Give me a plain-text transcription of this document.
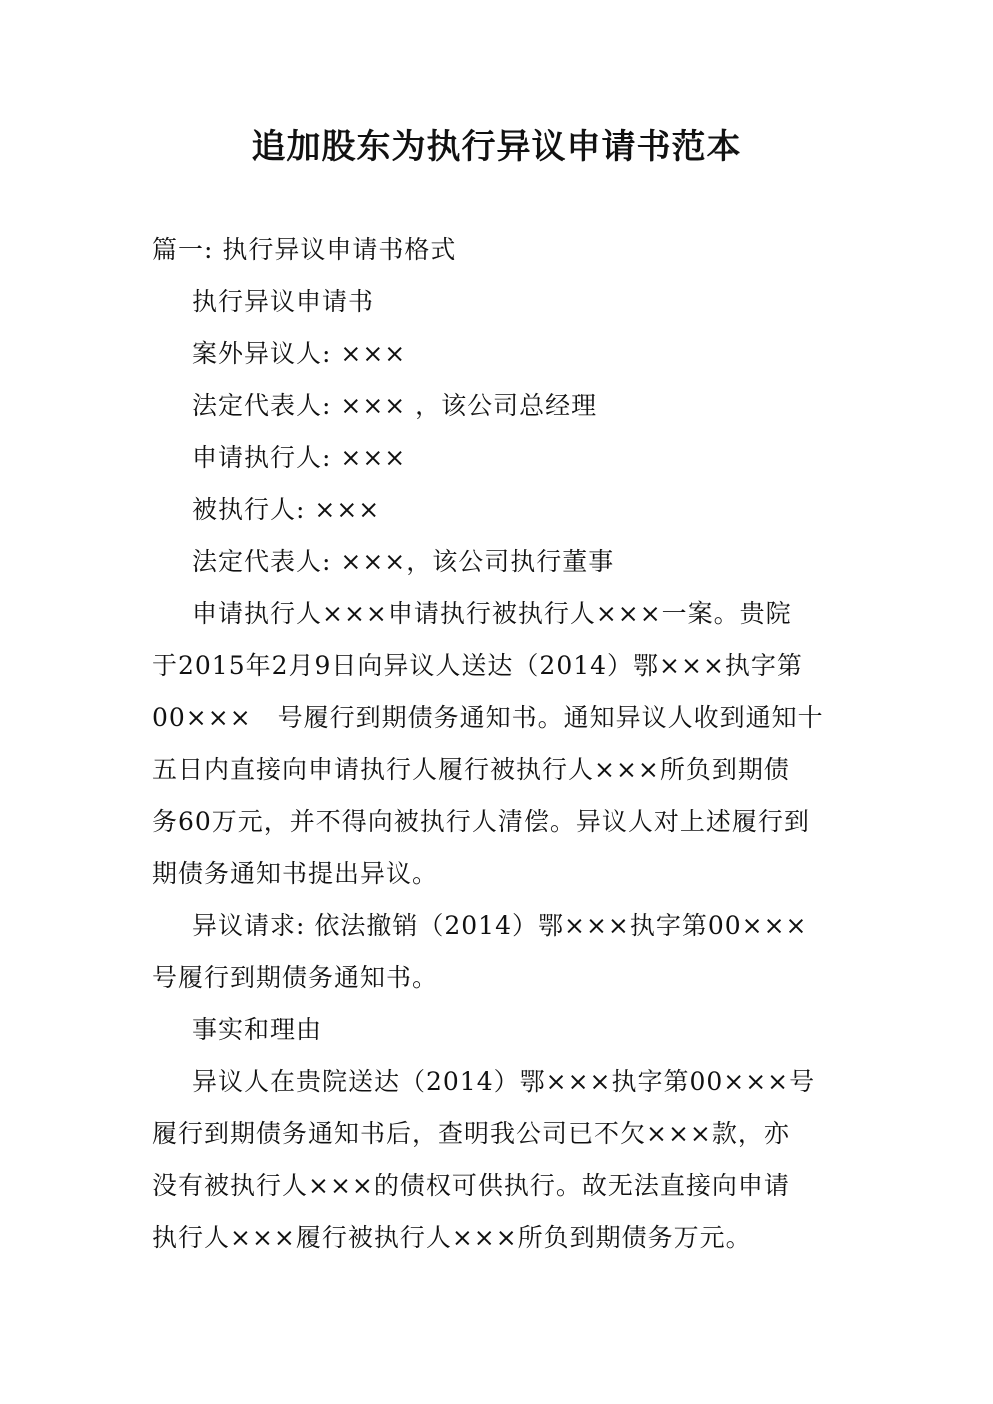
追加股东为执行异议申请书范本

篇一: 执行异议申请书格式

执行异议申请书

案外异议人: ×××

法定代表人: ××× ，该公司总经理

申请执行人: ×××

被执行人: ×××

法定代表人: ×××，该公司执行董事

申请执行人×××申请执行被执行人×××一案。贵院

于2015年2月9日向异议人送达（2014）鄂×××执字第

00×××　号履行到期债务通知书。通知异议人收到通知十

五日内直接向申请执行人履行被执行人×××所负到期债

务60万元，并不得向被执行人清偿。异议人对上述履行到

期债务通知书提出异议。

异议请求: 依法撤销（2014）鄂×××执字第00×××

号履行到期债务通知书。

事实和理由

异议人在贵院送达（2014）鄂×××执字第00×××号

履行到期债务通知书后，查明我公司已不欠×××款，亦

没有被执行人×××的债权可供执行。故无法直接向申请

执行人×××履行被执行人×××所负到期债务万元。
